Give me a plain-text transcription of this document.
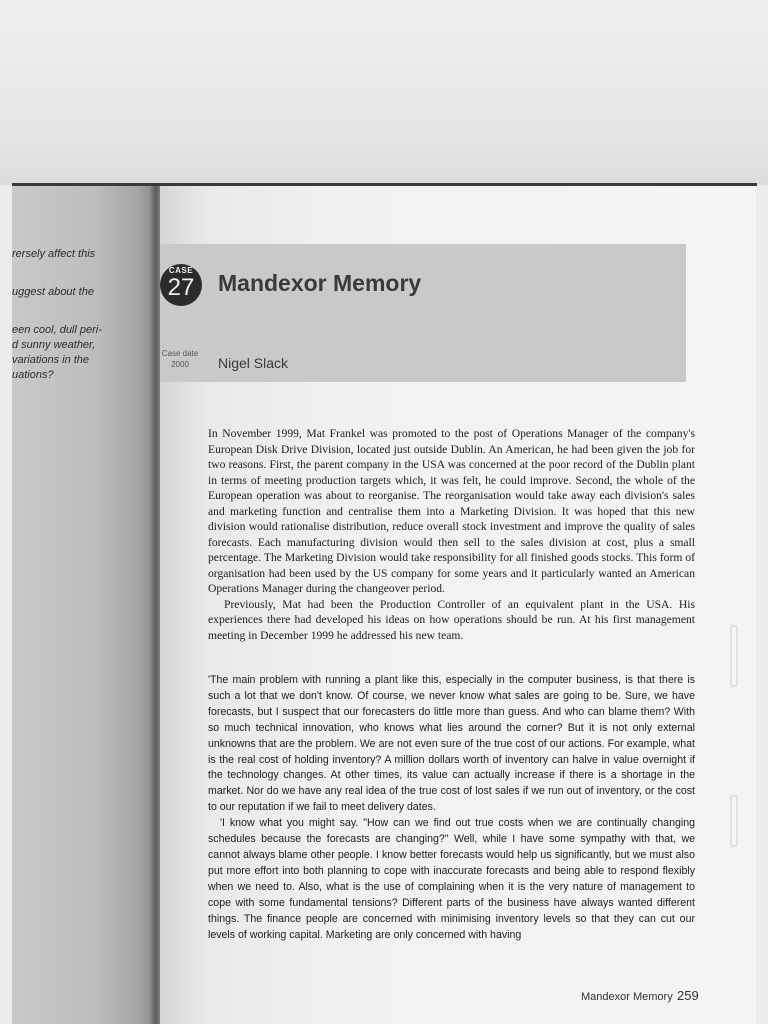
rersely affect this
uggest about the
een cool, dull peri-
d sunny weather,
variations in the
uations?
CASE
27	Mandexor Memory
Case date
2000	Nigel Slack

In November 1999, Mat Frankel was promoted to the post of Operations Manager of the company's European Disk Drive Division, located just outside Dublin. An American, he had been given the job for two reasons. First, the parent company in the USA was concerned at the poor record of the Dublin plant in terms of meeting production targets which, it was felt, he could improve. Second, the whole of the European operation was about to reorganise. The reorganisation would take away each division's sales and marketing function and centralise them into a Marketing Division. It was hoped that this new division would rationalise distribution, reduce overall stock investment and improve the quality of sales forecasts. Each manufacturing division would then sell to the sales division at cost, plus a small percentage. The Marketing Division would take responsibility for all finished goods stocks. This form of organisation had been used by the US company for some years and it particularly wanted an American Operations Manager during the changeover period.

Previously, Mat had been the Production Controller of an equivalent plant in the USA. His experiences there had developed his ideas on how operations should be run. At his first management meeting in December 1999 he addressed his new team.

'The main problem with running a plant like this, especially in the computer business, is that there is such a lot that we don't know. Of course, we never know what sales are going to be. Sure, we have forecasts, but I suspect that our forecasters do little more than guess. And who can blame them? With so much technical innovation, who knows what lies around the corner? But it is not only external unknowns that are the problem. We are not even sure of the true cost of our actions. For example, what is the real cost of holding inventory? A million dollars worth of inventory can halve in value overnight if the technology changes. At other times, its value can actually increase if there is a shortage in the market. Nor do we have any real idea of the true cost of lost sales if we run out of inventory, or the cost to our reputation if we fail to meet delivery dates.

'I know what you might say. "How can we find out true costs when we are continually changing schedules because the forecasts are changing?" Well, while I have some sympathy with that, we cannot always blame other people. I know better forecasts would help us significantly, but we must also put more effort into both planning to cope with inaccurate forecasts and being able to respond flexibly when we need to. Also, what is the use of complaining when it is the very nature of management to cope with some fundamental tensions? Different parts of the business have always wanted different things. The finance people are concerned with minimising inventory levels so that they can cut our levels of working capital. Marketing are only concerned with having

Mandexor Memory 259
